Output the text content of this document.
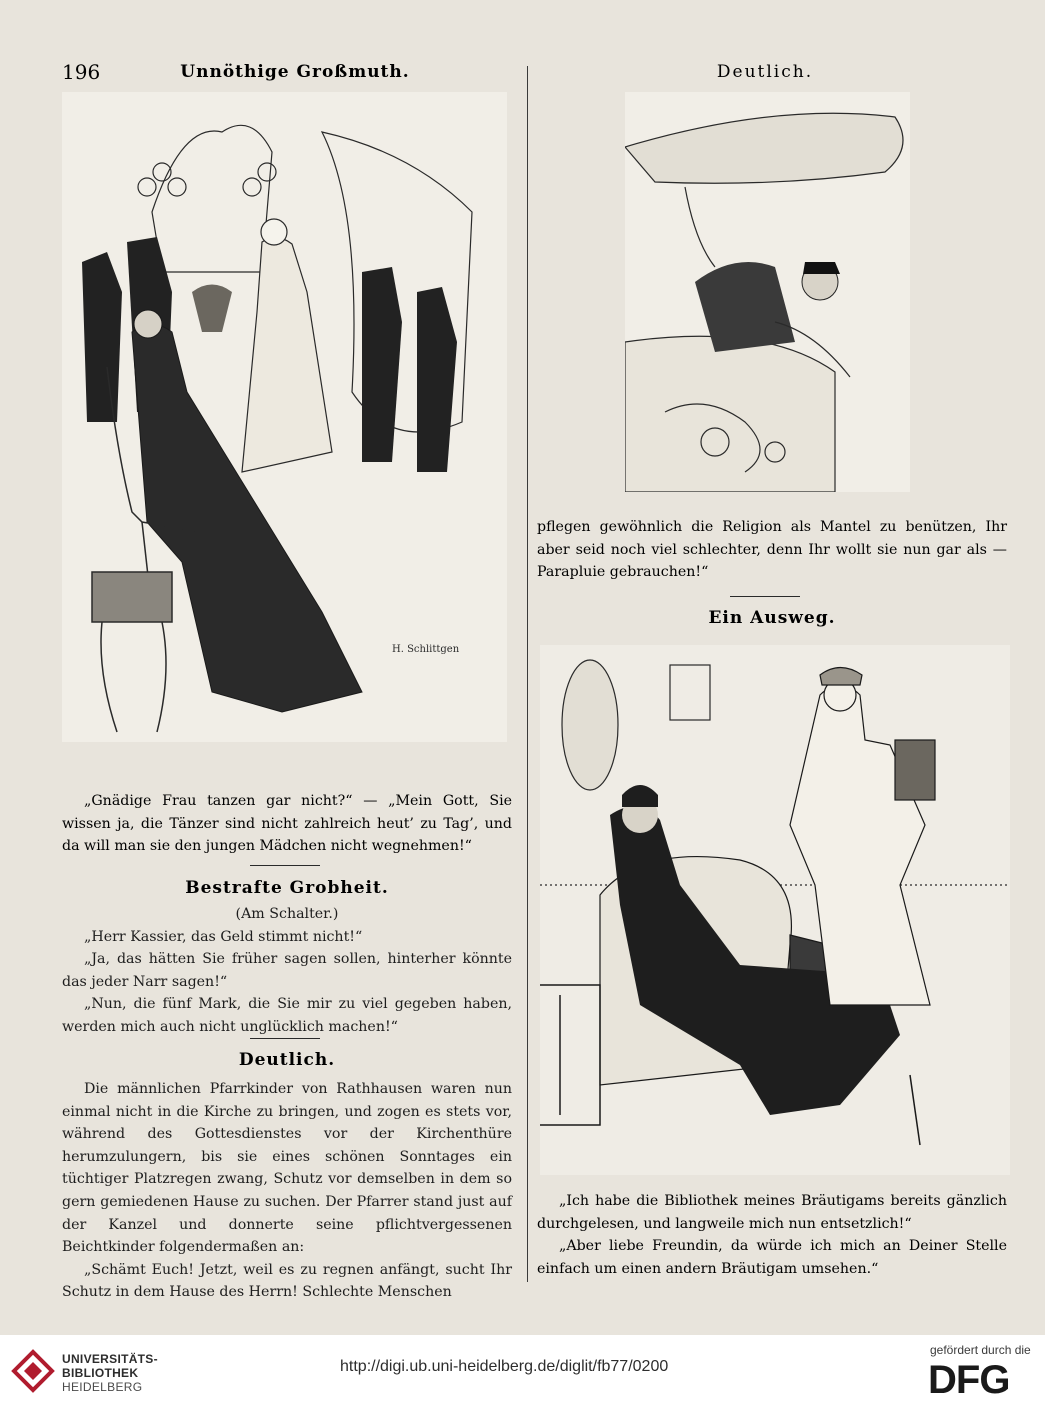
196	Unnöthige Großmuth.	Deutlich.
H. Schlittgen

„Gnädige Frau tanzen gar nicht?“ — „Mein Gott, Sie wissen ja, die Tänzer sind nicht zahlreich heut’ zu Tag’, und da will man sie den jungen Mädchen nicht wegnehmen!“

Bestrafte Grobheit.

(Am Schalter.)

„Herr Kassier, das Geld stimmt nicht!“

„Ja, das hätten Sie früher sagen sollen, hinterher könnte das jeder Narr sagen!“

„Nun, die fünf Mark, die Sie mir zu viel gegeben haben, werden mich auch nicht unglücklich machen!“

Deutlich.

Die männlichen Pfarrkinder von Rathhausen waren nun einmal nicht in die Kirche zu bringen, und zogen es stets vor, während des Gottesdienstes vor der Kirchenthüre herumzulungern, bis sie eines schönen Sonntages ein tüchtiger Platzregen zwang, Schutz vor demselben in dem so gern gemiedenen Hause zu suchen. Der Pfarrer stand just auf der Kanzel und donnerte seine pflichtvergessenen Beichtkinder folgendermaßen an:

„Schämt Euch! Jetzt, weil es zu regnen anfängt, sucht Ihr Schutz in dem Hause des Herrn! Schlechte Menschen

pflegen gewöhnlich die Religion als Mantel zu benützen, Ihr aber seid noch viel schlechter, denn Ihr wollt sie nun gar als — Parapluie gebrauchen!“

Ein Ausweg.

„Ich habe die Bibliothek meines Bräutigams bereits gänzlich durchgelesen, und langweile mich nun entsetzlich!“

„Aber liebe Freundin, da würde ich mich an Deiner Stelle einfach um einen andern Bräutigam umsehen.“

UNIVERSITÄTS-
BIBLIOTHEK
HEIDELBERG
http://digi.ub.uni-heidelberg.de/diglit/fb77/0200
gefördert durch die
DFG
